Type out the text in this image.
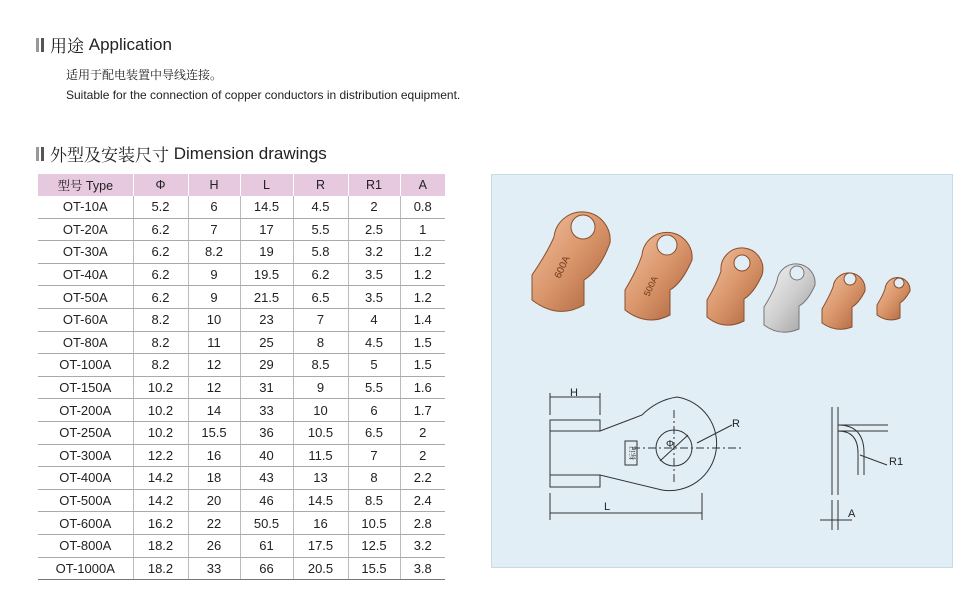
用途
Application
适用于配电装置中导线连接。
Suitable for the connection of copper conductors in distribution equipment.
外型及安装尺寸
Dimension drawings
型号 Type	Φ	H	L	R	R1	A
OT-10A	5.2	6	14.5	4.5	2	0.8
OT-20A	6.2	7	17	5.5	2.5	1
OT-30A	6.2	8.2	19	5.8	3.2	1.2
OT-40A	6.2	9	19.5	6.2	3.5	1.2
OT-50A	6.2	9	21.5	6.5	3.5	1.2
OT-60A	8.2	10	23	7	4	1.4
OT-80A	8.2	11	25	8	4.5	1.5
OT-100A	8.2	12	29	8.5	5	1.5
OT-150A	10.2	12	31	9	5.5	1.6
OT-200A	10.2	14	33	10	6	1.7
OT-250A	10.2	15.5	36	10.5	6.5	2
OT-300A	12.2	16	40	11.5	7	2
OT-400A	14.2	18	43	13	8	2.2
OT-500A	14.2	20	46	14.5	8.5	2.4
OT-600A	16.2	22	50.5	16	10.5	2.8
OT-800A	18.2	26	61	17.5	12.5	3.2
OT-1000A	18.2	33	66	20.5	15.5	3.8
600A
500A
H
L
R
Φ
标记
R1
A
